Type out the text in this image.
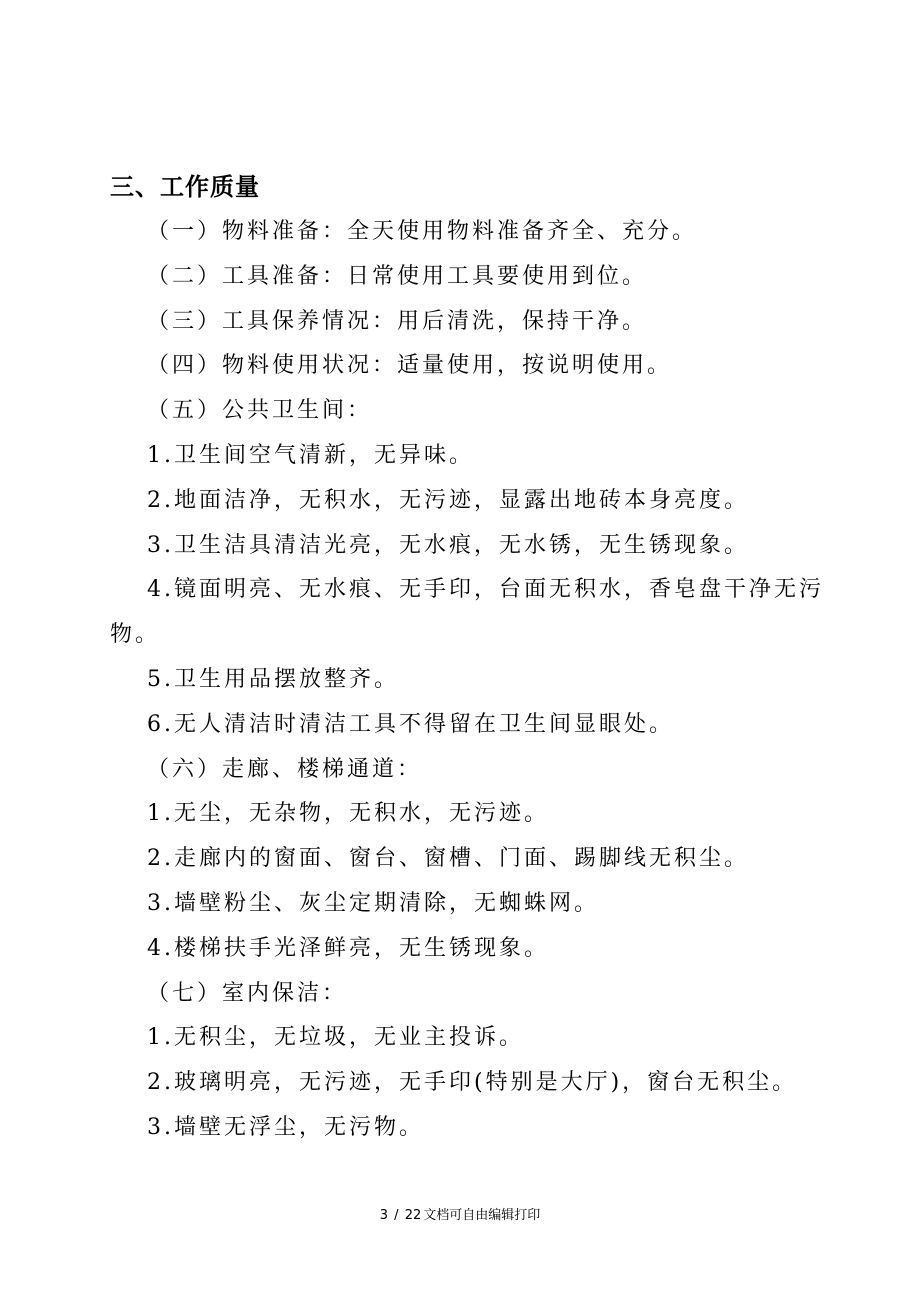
三、工作质量

（一）物料准备：全天使用物料准备齐全、充分。

（二）工具准备：日常使用工具要使用到位。

（三）工具保养情况：用后清洗，保持干净。

（四）物料使用状况：适量使用，按说明使用。

（五）公共卫生间：

1.卫生间空气清新，无异味。

2.地面洁净，无积水，无污迹，显露出地砖本身亮度。

3.卫生洁具清洁光亮，无水痕，无水锈，无生锈现象。

4.镜面明亮、无水痕、无手印，台面无积水，香皂盘干净无污

物。

5.卫生用品摆放整齐。

6.无人清洁时清洁工具不得留在卫生间显眼处。

（六）走廊、楼梯通道：

1.无尘，无杂物，无积水，无污迹。

2.走廊内的窗面、窗台、窗槽、门面、踢脚线无积尘。

3.墙壁粉尘、灰尘定期清除，无蜘蛛网。

4.楼梯扶手光泽鲜亮，无生锈现象。

（七）室内保洁：

1.无积尘，无垃圾，无业主投诉。

2.玻璃明亮，无污迹，无手印(特别是大厅)，窗台无积尘。

3.墙壁无浮尘，无污物。

3 / 22 文档可自由编辑打印
